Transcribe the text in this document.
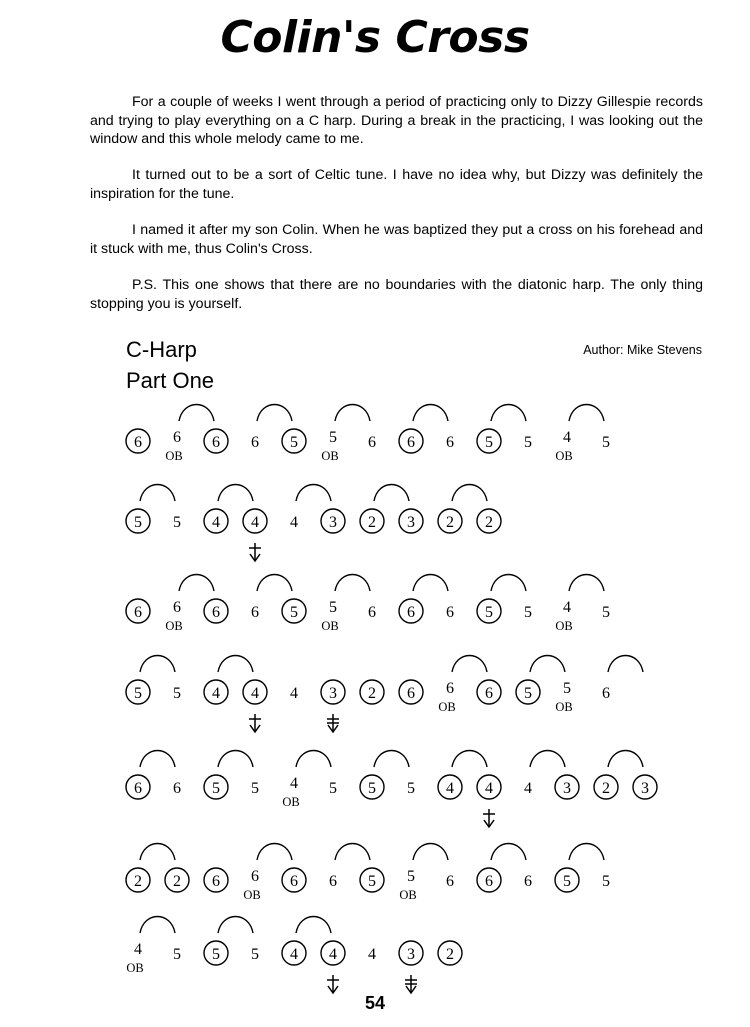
Colin's Cross

For a couple of weeks I went through a period of practicing only to Dizzy Gillespie records and trying to play everything on a C harp. During a break in the practicing, I was looking out the window and this whole melody came to me.

It turned out to be a sort of Celtic tune. I have no idea why, but Dizzy was definitely the inspiration for the tune.

I named it after my son Colin. When he was baptized they put a cross on his forehead and it stuck with me, thus Colin's Cross.

P.S. This one shows that there are no boundaries with the diatonic harp. The only thing stopping you is yourself.

C-Harp
Part One
Author: Mike Stevens
6 6
OB
6 6 5 5
OB
6 6 6 5 5 4
OB
5
5 5 4 4 4 3 2 3 2 2
6 6
OB
6 6 5 5
OB
6 6 6 5 5 4
OB
5
5 5 4 4 4 3 2 6 6
OB
6 5 5
OB
6
6 6 5 5 4
OB
5 5 5 4 4 4 3 2 3
2 2 6 6
OB
6 6 5 5
OB
6 6 6 5 5
4
OB
5 5 5 4 4 4 3 2
54
